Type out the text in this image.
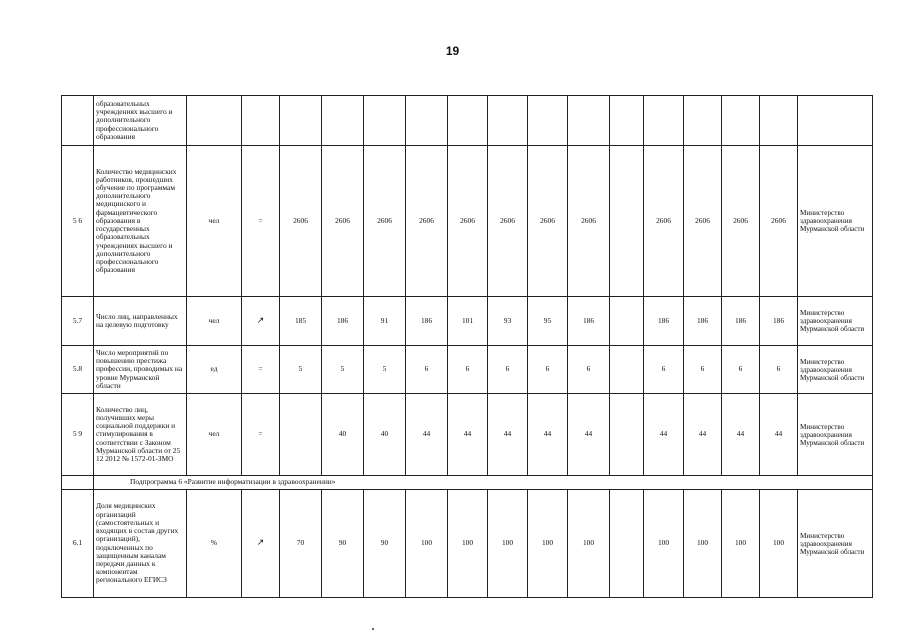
19
	образовательных учреждениях высшего и дополнительного профессионального образования																
5 6	Количество медицинских работников, прошедших обучение по программам дополнительного медицинского и фармацевтического образования в государственных образовательных учреждениях высшего и дополнительного профессионального образования	чел	=	2606	2606	2606	2606	2606	2606	2606	2606		2606	2606	2606	2606	Министерство здравоохранения Мурманской области
5.7	Число лиц, направленных на целевую подготовку	чел	↗	185	186	91	186	101	93	95	186		186	186	186	186	Министерство здравоохранения Мурманской области
5.8	Число мероприятий по повышению престижа профессии, проводимых на уровне Мурманской области	ед	=	5	5	5	6	6	6	6	6		6	6	6	6	Министерство здравоохранения Мурманской области
5 9	Количество лиц, получивших меры социальной поддержки и стимулирования в соответствии с Законом Мурманской области от 25 12 2012 № 1572-01-ЗМО	чел	=		40	40	44	44	44	44	44		44	44	44	44	Министерство здравоохранения Мурманской области
	Подпрограмма 6 «Развитие информатизации в здравоохранении»																
6.1	Доля медицинских организаций (самостоятельных и входящих в состав других организаций), подключенных по защищенным каналам передачи данных к компонентам регионального ЕГИСЗ	%	↗	70	90	90	100	100	100	100	100		100	100	100	100	Министерство здравоохранения Мурманской области
